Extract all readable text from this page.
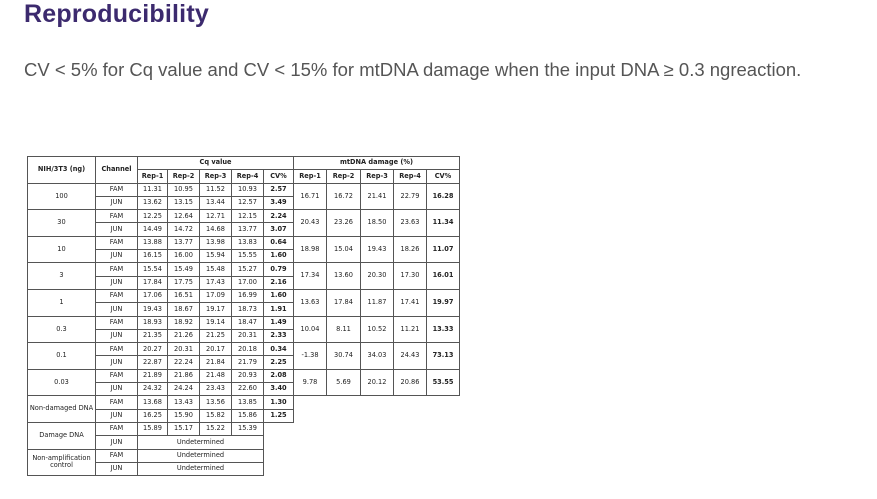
Reproducibility
CV < 5% for Cq value and CV < 15% for mtDNA damage when the input DNA ≥ 0.3 ngreaction.
NIH/3T3 (ng)	Channel	Cq value					mtDNA damage (%)				
		Rep-1	Rep-2	Rep-3	Rep-4	CV%	Rep-1	Rep-2	Rep-3	Rep-4	CV%
100	FAM	11.31	10.95	11.52	10.93	2.57	16.71	16.72	21.41	22.79	16.28
	JUN	13.62	13.15	13.44	12.57	3.49					
30	FAM	12.25	12.64	12.71	12.15	2.24	20.43	23.26	18.50	23.63	11.34
	JUN	14.49	14.72	14.68	13.77	3.07					
10	FAM	13.88	13.77	13.98	13.83	0.64	18.98	15.04	19.43	18.26	11.07
	JUN	16.15	16.00	15.94	15.55	1.60					
3	FAM	15.54	15.49	15.48	15.27	0.79	17.34	13.60	20.30	17.30	16.01
	JUN	17.84	17.75	17.43	17.00	2.16					
1	FAM	17.06	16.51	17.09	16.99	1.60	13.63	17.84	11.87	17.41	19.97
	JUN	19.43	18.67	19.17	18.73	1.91					
0.3	FAM	18.93	18.92	19.14	18.47	1.49	10.04	8.11	10.52	11.21	13.33
	JUN	21.35	21.26	21.25	20.31	2.33					
0.1	FAM	20.27	20.31	20.17	20.18	0.34	-1.38	30.74	34.03	24.43	73.13
	JUN	22.87	22.24	21.84	21.79	2.25					
0.03	FAM	21.89	21.86	21.48	20.93	2.08	9.78	5.69	20.12	20.86	53.55
	JUN	24.32	24.24	23.43	22.60	3.40					
Non-damaged DNA	FAM	13.68	13.43	13.56	13.85	1.30					
	JUN	16.25	15.90	15.82	15.86	1.25					
Damage DNA	FAM	15.89	15.17	15.22	15.39						
	JUN	Undetermined									
Non-amplification control	FAM	Undetermined									
	JUN	Undetermined									
